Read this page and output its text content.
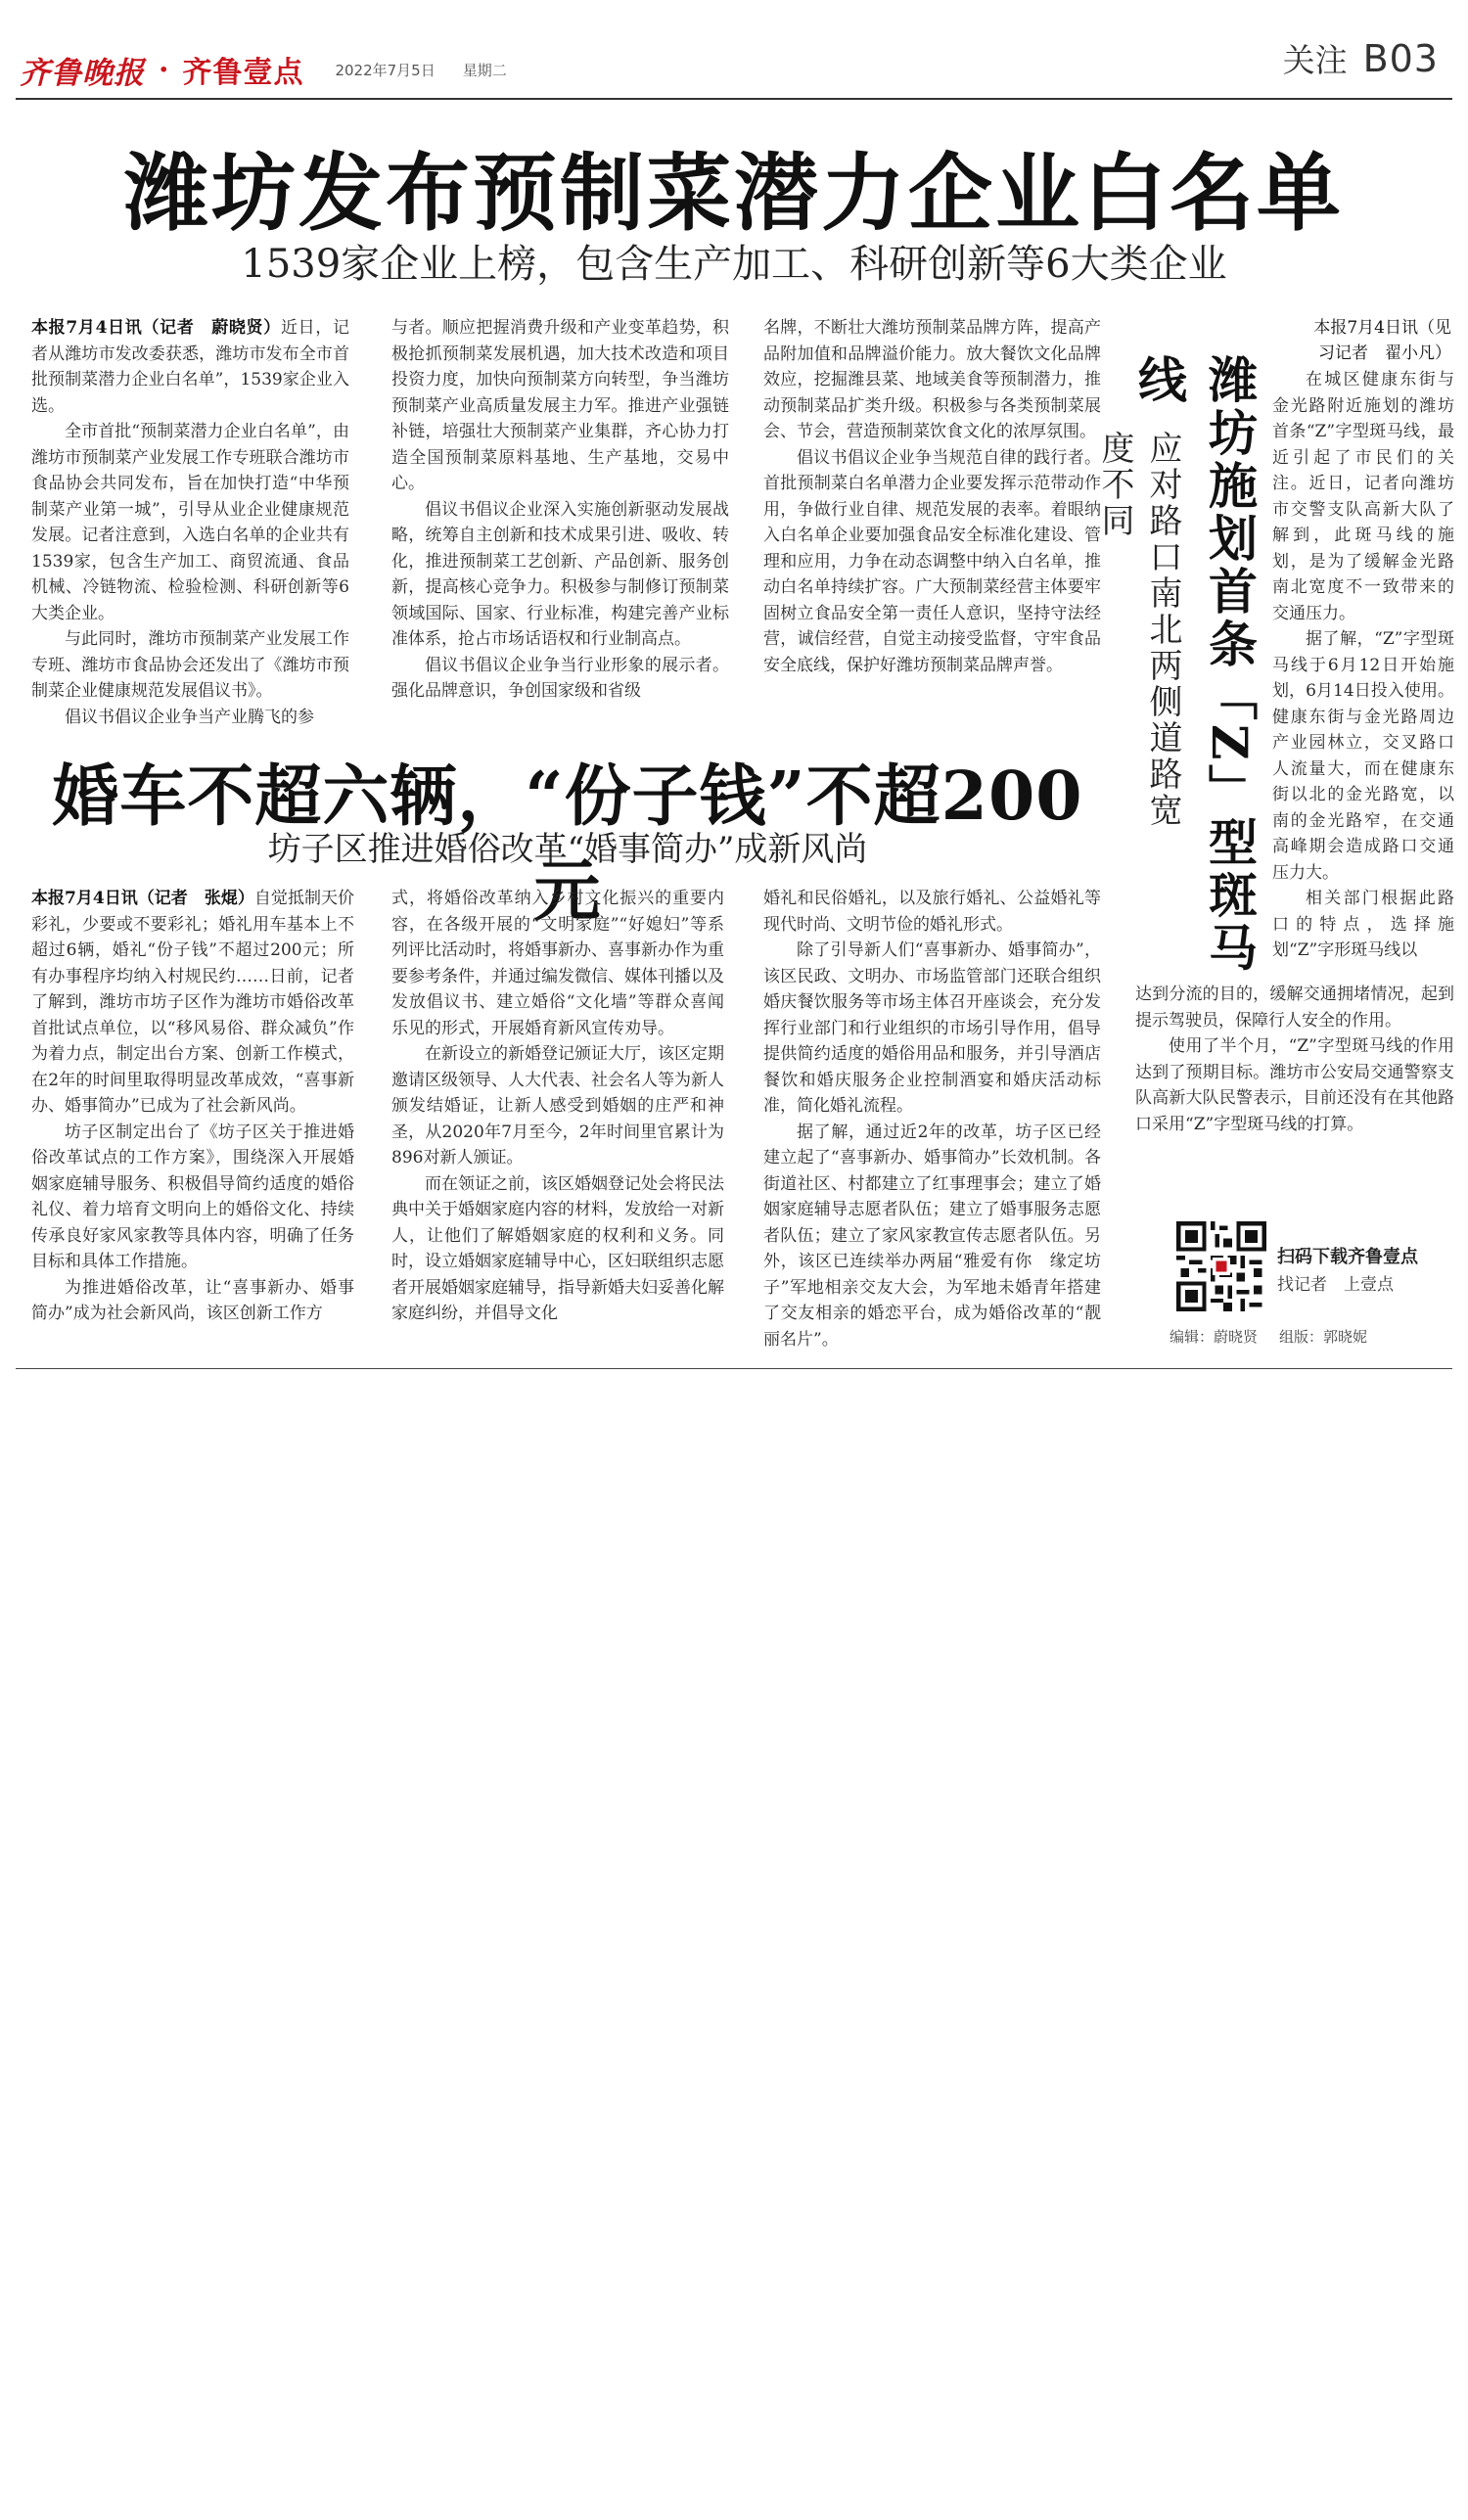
齐鲁晚报 · 齐鲁壹点 2022年7月5日 星期二	关注 B03
潍坊发布预制菜潜力企业白名单
1539家企业上榜，包含生产加工、科研创新等6大类企业

本报7月4日讯（记者　蔚晓贤）近日，记者从潍坊市发改委获悉，潍坊市发布全市首批预制菜潜力企业白名单”，1539家企业入选。

全市首批“预制菜潜力企业白名单”，由潍坊市预制菜产业发展工作专班联合潍坊市食品协会共同发布，旨在加快打造“中华预制菜产业第一城”，引导从业企业健康规范发展。记者注意到，入选白名单的企业共有1539家，包含生产加工、商贸流通、食品机械、冷链物流、检验检测、科研创新等6大类企业。

与此同时，潍坊市预制菜产业发展工作专班、潍坊市食品协会还发出了《潍坊市预制菜企业健康规范发展倡议书》。

倡议书倡议企业争当产业腾飞的参

与者。顺应把握消费升级和产业变革趋势，积极抢抓预制菜发展机遇，加大技术改造和项目投资力度，加快向预制菜方向转型，争当潍坊预制菜产业高质量发展主力军。推进产业强链补链，培强壮大预制菜产业集群，齐心协力打造全国预制菜原料基地、生产基地，交易中心。

倡议书倡议企业深入实施创新驱动发展战略，统筹自主创新和技术成果引进、吸收、转化，推进预制菜工艺创新、产品创新、服务创新，提高核心竞争力。积极参与制修订预制菜领域国际、国家、行业标准，构建完善产业标准体系，抢占市场话语权和行业制高点。

倡议书倡议企业争当行业形象的展示者。强化品牌意识，争创国家级和省级

名牌，不断壮大潍坊预制菜品牌方阵，提高产品附加值和品牌溢价能力。放大餐饮文化品牌效应，挖掘潍县菜、地域美食等预制潜力，推动预制菜品扩类升级。积极参与各类预制菜展会、节会，营造预制菜饮食文化的浓厚氛围。

倡议书倡议企业争当规范自律的践行者。首批预制菜白名单潜力企业要发挥示范带动作用，争做行业自律、规范发展的表率。着眼纳入白名单企业要加强食品安全标准化建设、管理和应用，力争在动态调整中纳入白名单，推动白名单持续扩容。广大预制菜经营主体要牢固树立食品安全第一责任人意识，坚持守法经营，诚信经营，自觉主动接受监督，守牢食品安全底线，保护好潍坊预制菜品牌声誉。

婚车不超六辆，“份子钱”不超200元
坊子区推进婚俗改革“婚事简办”成新风尚

本报7月4日讯（记者　张焜）自觉抵制天价彩礼，少要或不要彩礼；婚礼用车基本上不超过6辆，婚礼“份子钱”不超过200元；所有办事程序均纳入村规民约……日前，记者了解到，潍坊市坊子区作为潍坊市婚俗改革首批试点单位，以“移风易俗、群众减负”作为着力点，制定出台方案、创新工作模式，在2年的时间里取得明显改革成效，“喜事新办、婚事简办”已成为了社会新风尚。

坊子区制定出台了《坊子区关于推进婚俗改革试点的工作方案》，围绕深入开展婚姻家庭辅导服务、积极倡导简约适度的婚俗礼仪、着力培育文明向上的婚俗文化、持续传承良好家风家教等具体内容，明确了任务目标和具体工作措施。

为推进婚俗改革，让“喜事新办、婚事简办”成为社会新风尚，该区创新工作方

式，将婚俗改革纳入乡村文化振兴的重要内容，在各级开展的“文明家庭”“好媳妇”等系列评比活动时，将婚事新办、喜事新办作为重要参考条件，并通过编发微信、媒体刊播以及发放倡议书、建立婚俗“文化墙”等群众喜闻乐见的形式，开展婚育新风宣传劝导。

在新设立的新婚登记颁证大厅，该区定期邀请区级领导、人大代表、社会名人等为新人颁发结婚证，让新人感受到婚姻的庄严和神圣，从2020年7月至今，2年时间里官累计为896对新人颁证。

而在领证之前，该区婚姻登记处会将民法典中关于婚姻家庭内容的材料，发放给一对新人，让他们了解婚姻家庭的权利和义务。同时，设立婚姻家庭辅导中心，区妇联组织志愿者开展婚姻家庭辅导，指导新婚夫妇妥善化解家庭纠纷，并倡导文化

婚礼和民俗婚礼，以及旅行婚礼、公益婚礼等现代时尚、文明节俭的婚礼形式。

除了引导新人们“喜事新办、婚事简办”，该区民政、文明办、市场监管部门还联合组织婚庆餐饮服务等市场主体召开座谈会，充分发挥行业部门和行业组织的市场引导作用，倡导提供简约适度的婚俗用品和服务，并引导酒店餐饮和婚庆服务企业控制酒宴和婚庆活动标准，简化婚礼流程。

据了解，通过近2年的改革，坊子区已经建立起了“喜事新办、婚事简办”长效机制。各街道社区、村都建立了红事理事会；建立了婚姻家庭辅导志愿者队伍；建立了婚事服务志愿者队伍；建立了家风家教宣传志愿者队伍。另外，该区已连续举办两届“雅爱有你　缘定坊子”军地相亲交友大会，为军地未婚青年搭建了交友相亲的婚恋平台，成为婚俗改革的“靓丽名片”。

本报7月4日讯（见习记者　翟小凡）
潍坊施划首条「Z」型斑马线
应对路口南北两侧道路宽度不同

在城区健康东街与金光路附近施划的潍坊首条“Z”字型斑马线，最近引起了市民们的关注。近日，记者向潍坊市交警支队高新大队了解到，此斑马线的施划，是为了缓解金光路南北宽度不一致带来的交通压力。

据了解，“Z”字型斑马线于6月12日开始施划，6月14日投入使用。健康东街与金光路周边产业园林立，交叉路口人流量大，而在健康东街以北的金光路宽，以南的金光路窄，在交通高峰期会造成路口交通压力大。

相关部门根据此路口的特点，选择施划“Z”字形斑马线以

达到分流的目的，缓解交通拥堵情况，起到提示驾驶员，保障行人安全的作用。

使用了半个月，“Z”字型斑马线的作用达到了预期目标。潍坊市公安局交通警察支队高新大队民警表示，目前还没有在其他路口采用“Z”字型斑马线的打算。

扫码下载齐鲁壹点
找记者　上壹点
编辑：蔚晓贤 组版：郭晓妮
